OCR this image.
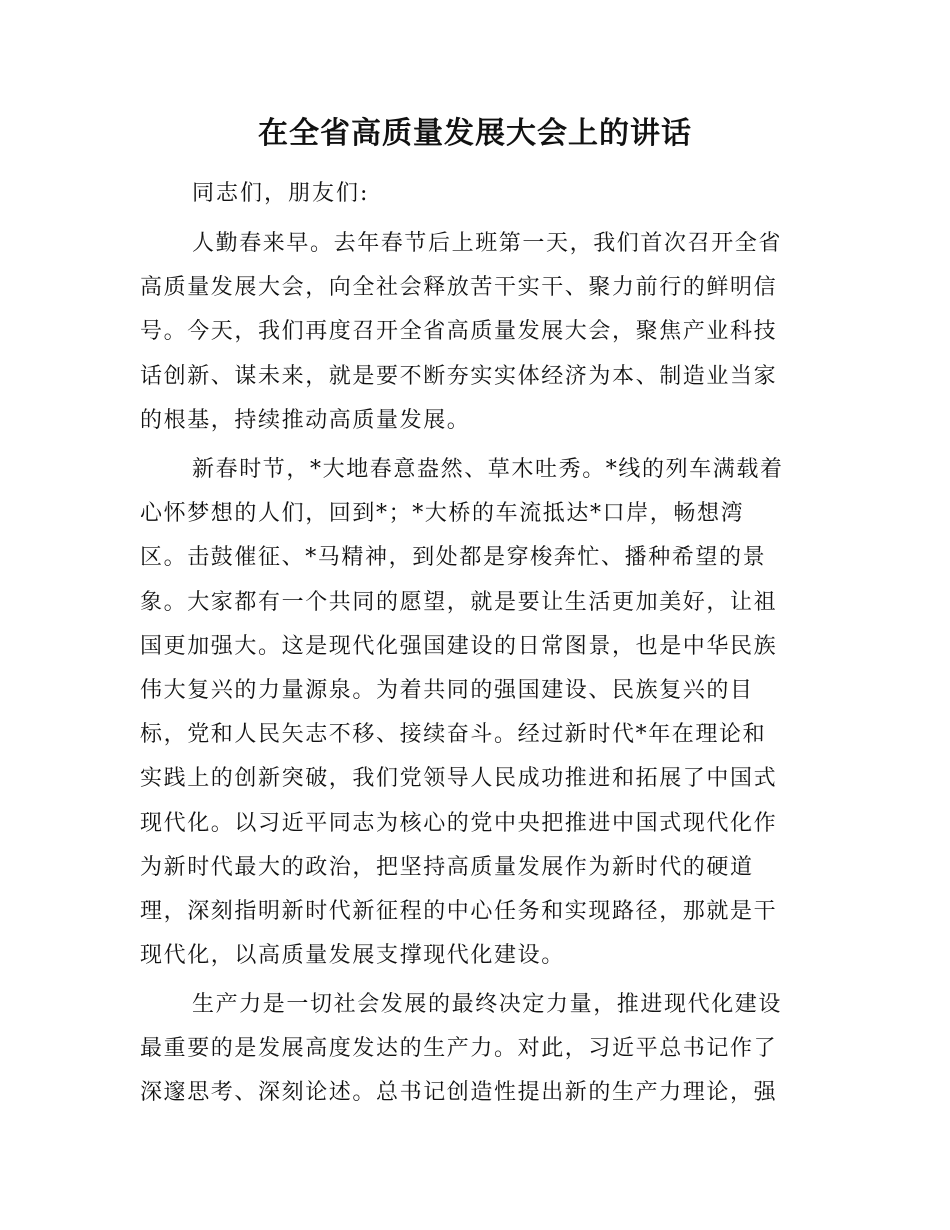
在全省高质量发展大会上的讲话
同志们，朋友们:
人勤春来早。去年春节后上班第一天，我们首次召开全省
高质量发展大会，向全社会释放苦干实干、聚力前行的鲜明信
号。今天，我们再度召开全省高质量发展大会，聚焦产业科技
话创新、谋未来，就是要不断夯实实体经济为本、制造业当家
的根基，持续推动高质量发展。
新春时节，*大地春意盎然、草木吐秀。*线的列车满载着
心怀梦想的人们，回到*；*大桥的车流抵达*口岸，畅想湾
区。击鼓催征、*马精神，到处都是穿梭奔忙、播种希望的景
象。大家都有一个共同的愿望，就是要让生活更加美好，让祖
国更加强大。这是现代化强国建设的日常图景，也是中华民族
伟大复兴的力量源泉。为着共同的强国建设、民族复兴的目
标，党和人民矢志不移、接续奋斗。经过新时代*年在理论和
实践上的创新突破，我们党领导人民成功推进和拓展了中国式
现代化。以习近平同志为核心的党中央把推进中国式现代化作
为新时代最大的政治，把坚持高质量发展作为新时代的硬道
理，深刻指明新时代新征程的中心任务和实现路径，那就是干
现代化，以高质量发展支撑现代化建设。
生产力是一切社会发展的最终决定力量，推进现代化建设
最重要的是发展高度发达的生产力。对此，习近平总书记作了
深邃思考、深刻论述。总书记创造性提出新的生产力理论，强
